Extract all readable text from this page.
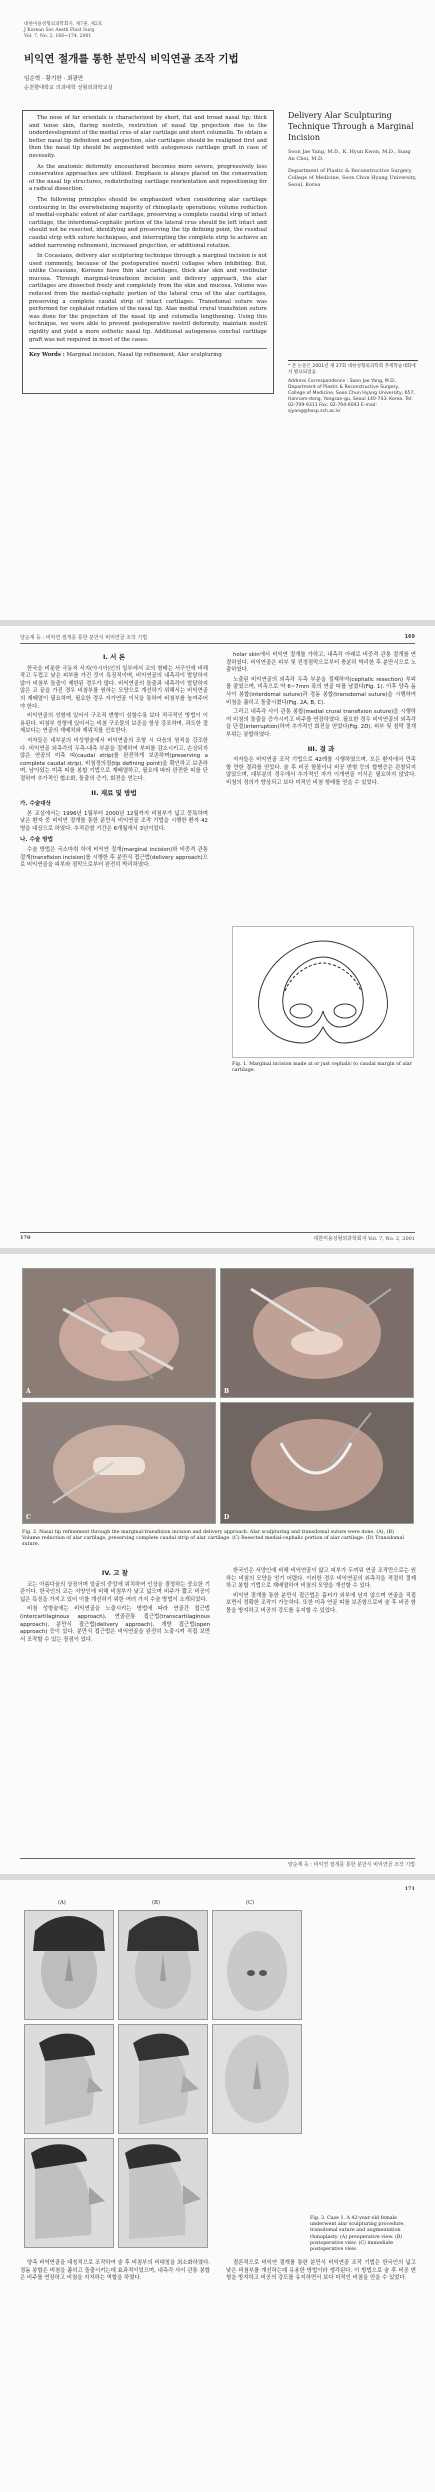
대한미용성형외과학회지, 제7권, 제2호
J Korean Soc Aesth Plast Surg
Vol. 7, No. 2, 166~174, 2001
비익연 절개를 통한 분만식 비익연골 조작 기법
임순혁 · 황기한 · 최광만
순천향대학교 의과대학 성형외과학교실

The nose of far orientals is characterized by short, flat and broad nasal tip; thick and tense skin, flaring nostrils, restriction of nasal tip projection due to the underdevelopment of the medial crus of alar cartilage and short columella. To obtain a better nasal tip definition and projection, alar cartilages should be realigned first and then the nasal tip should be augmented with autogenous cartilage graft in case of necessity.

As the anatomic deformity encountered becomes more severe, progressively less conservative approaches are utilized. Emphasis is always placed on the conservation of the nasal tip structures, redistributing cartilage reorientation and repositioning for a radical dissection.

The following principles should be emphasized when considering alar cartilage contouring in the overwhelming majority of rhinoplasty operations; volume reduction of medial-cephalic extent of alar cartilage, preserving a complete caudal strip of intact cartilage, the interdomal-cephalic portion of the lateral crus should be left intact and should not be resected, identifying and preserving the tip defining point, the residual caudal strip with suture techniques, and interrupting the complete strip to achieve an added narrowing refinement, increased projection, or additional rotation.

In Cocasians, delivery alar sculpturing technique through a marginal incision is not used commonly, because of the postoperative nostril collapse when inhibiting. But, unlike Cocasians, Koreans have thin alar cartilages, thick alar skin and vestibular mucosa. Through marginal-transfixion incision and delivery approach, the alar cartilages are dissected freely and completely from the skin and mucosa. Volume was reduced from the medial-cephalic portion of the lateral crus of the alar cartilages, preserving a complete caudal strip of intact cartilages. Transdomal suture was performed for cephalad rotation of the nasal tip. Alae medial crural transfixion suture was done for the projection of the nasal tip and columella lengthening. Using this technique, we were able to prevent postoperative nostril deformity, maintain nostril rigidity and yield a more esthetic nasal tip. Additional autogenous conchal cartilage graft was not required in most of the cases.

Key Words : Marginal incision, Nasal tip refinement, Alar sculpturing
Delivery Alar Sculpturing Technique Through a Marginal Incision
Soon Jae Yang, M.D., K. Hyun Kwon, M.D., Sung An Choi, M.D.
Department of Plastic & Reconstructive Surgery, College of Medicine, Soon Chun Hyang University, Seoul, Korea
* 본 논문은 2001년 제 27회 대한성형외과학회 추계학술대회에서 발표되었음.
Address Correspondence : Soon Jae Yang, M.D., Department of Plastic & Reconstructive Surgery, College of Medicine, Soon Chun Hyang University, 657, Hannam-dong, Yongsan-gu, Seoul 140-743, Korea. Tel: 02-709-9311 Fax: 02-794-6043 E-mail: sjyang@hosp.sch.ac.kr
양순재 등 : 비익연 절개를 통한 분만식 비익연골 조작 기법	169
I. 서 론

한국을 비롯한 극동지 서지(아시아)인의 일부에서 코의 형태는 서구인에 비해 작고 두껍고 낮은 피부를 가진 것이 특징적이며, 비익연골의 내측각이 발달하지 않아 비첨부 돌출이 제한된 경우가 많다. 비익연골의 돌출과 내측각이 발달하지 않은 코 끝을 가진 경우 비첨부를 원하는 모양으로 개선하기 위해서는 비익연골의 재배열이 필요하며, 필요한 경우 자가연골 이식을 통하여 비첨부를 높여주어야 한다.

비익연골의 성형에 있어서 구조적 변형이 심할수록 보다 적극적인 방법이 이용된다. 비첨부 성형에 있어서는 비첨 구조물의 보존을 항상 강조하며, 과도한 절제보다는 연골의 재배치와 재위치를 선호한다.

저자들은 대부분의 비성형술에서 비익연골의 조형 시 다음의 원칙을 강조한다. 비익연골 외측각의 두측-내측 부분을 절제하여 부피를 감소시키고, 손상되지 않은 연골의 미측 띠(caudal strip)를 완전하게 보존하며(preserving a complete caudal strip), 비첨정의점(tip defining point)을 확인하고 보존하며, 남아있는 미측 띠를 봉합 기법으로 재배열하고, 필요에 따라 완전한 띠를 단절하여 추가적인 협소화, 돌출의 증가, 회전을 얻는다.

II. 재료 및 방법
가. 수술대상

본 교실에서는 1996년 1월부터 2000년 12월까지 비첨부가 넓고 뭉툭하며 낮은 환자 중 비익연 절개를 통한 분만식 비익연골 조작 기법을 시행한 환자 42명을 대상으로 하였다. 추적관찰 기간은 6개월에서 3년이었다.

나. 수술 방법

수술 방법은 국소마취 하에 비익연 절개(marginal incision)와 비중격 관통 절개(transfixion incision)를 시행한 후 분만식 접근법(delivery approach)으로 비익연골을 피부와 점막으로부터 완전히 박리하였다.

holar skin에서 비익연 절개를 가하고, 내측각 아래로 비중격 관통 절개를 연결하였다. 비익연골은 피부 및 전정점막으로부터 충분히 박리한 후 분만식으로 노출하였다.

노출된 비익연골의 외측각 두측 부분을 절제하여(cephalic resection) 부피를 줄였으며, 미측으로 약 6~7mm 폭의 연골 띠를 남겼다(Fig. 1). 이후 양측 돔 사이 봉합(interdomal suture)과 경돔 봉합(transdomal suture)을 시행하여 비첨을 좁히고 돌출시켰다(Fig. 2A, B, C).

그리고 내측각 사이 관통 봉합(medial crural transfixion suture)을 시행하여 비첨의 돌출을 증가시키고 비주를 연장하였다. 필요한 경우 비익연골의 외측각을 단절(interruption)하여 추가적인 회전을 얻었다(Fig. 2D). 피부 및 점막 절개 부위는 봉합하였다.

III. 결 과

저자들은 비익연골 조작 기법으로 42례를 시행하였으며, 모든 환자에서 만족할 만한 결과를 얻었다. 술 후 비공 함몰이나 비공 변형 등의 합병증은 관찰되지 않았으며, 대부분의 경우에서 추가적인 자가 이개연골 이식은 필요하지 않았다. 비첨의 정의가 향상되고 보다 미적인 비첨 형태를 얻을 수 있었다.

Fig. 1. Marginal incision made at or just cephalic to caudal margin of alar cartilage.
170	대한미용성형외과학회지 Vol. 7, No. 2, 2001
A	B
C	D
Fig. 2. Nasal tip refinement through the marginal-transfixion incision and delivery approach. Alar sculpturing and transdomal suture were done. (A), (B) Volume reduction of alar cartilage, preserving complete caudal strip of alar cartilage. (C) Resected medial-cephalic portion of alar cartilage. (D) Transdomal suture.
IV. 고 찰

코는 아름다움의 상징이며 얼굴의 중앙에 위치하여 인상을 결정하는 중요한 기관이다. 한국인의 코는 서양인에 비해 비첨부가 낮고 넓으며 비주가 짧고 비공이 넓은 특징을 가지고 있어 이를 개선하기 위한 여러 가지 수술 방법이 소개되었다.

비첨 성형술에는 비익연골을 노출시키는 방법에 따라 연골간 접근법(intercartilaginous approach), 연골관통 접근법(transcartilaginous approach), 분만식 접근법(delivery approach), 개방 접근법(open approach) 등이 있다. 분만식 접근법은 비익연골을 완전히 노출시켜 직접 보면서 조작할 수 있는 장점이 있다.

한국인은 서양인에 비해 비익연골이 얇고 피부가 두꺼워 연골 조작만으로는 원하는 비첨의 모양을 얻기 어렵다. 이러한 경우 비익연골의 외측각을 적절히 절제하고 봉합 기법으로 재배열하여 비첨의 모양을 개선할 수 있다.

비익연 절개를 통한 분만식 접근법은 흉터가 외부에 남지 않으며 연골을 직접 보면서 정확한 조작이 가능하다. 또한 미측 연골 띠를 보존함으로써 술 후 비공 함몰을 방지하고 비공의 강도를 유지할 수 있었다.

양순재 등 : 비익연 절개를 통한 분만식 비익연골 조작 기법
171
(A)	(B)	(C)
Fig. 3. Case 1. A 42-year-old female underwent alar sculpturing procedure, transdomal suture and augmentation rhinoplasty. (A) preoperative view. (B) postoperative view. (C) immediate postoperative view.

양측 비익연골을 대칭적으로 조작하여 술 후 비첨부의 비대칭을 최소화하였다. 경돔 봉합은 비첨을 좁히고 돌출시키는데 효과적이었으며, 내측각 사이 관통 봉합은 비주를 연장하고 비첨을 지지하는 역할을 하였다.

결론적으로 비익연 절개를 통한 분만식 비익연골 조작 기법은 한국인의 넓고 낮은 비첨부를 개선하는데 유용한 방법이라 생각된다. 이 방법으로 술 후 비공 변형을 방지하고 비공의 강도를 유지하면서 보다 미적인 비첨을 얻을 수 있었다.
